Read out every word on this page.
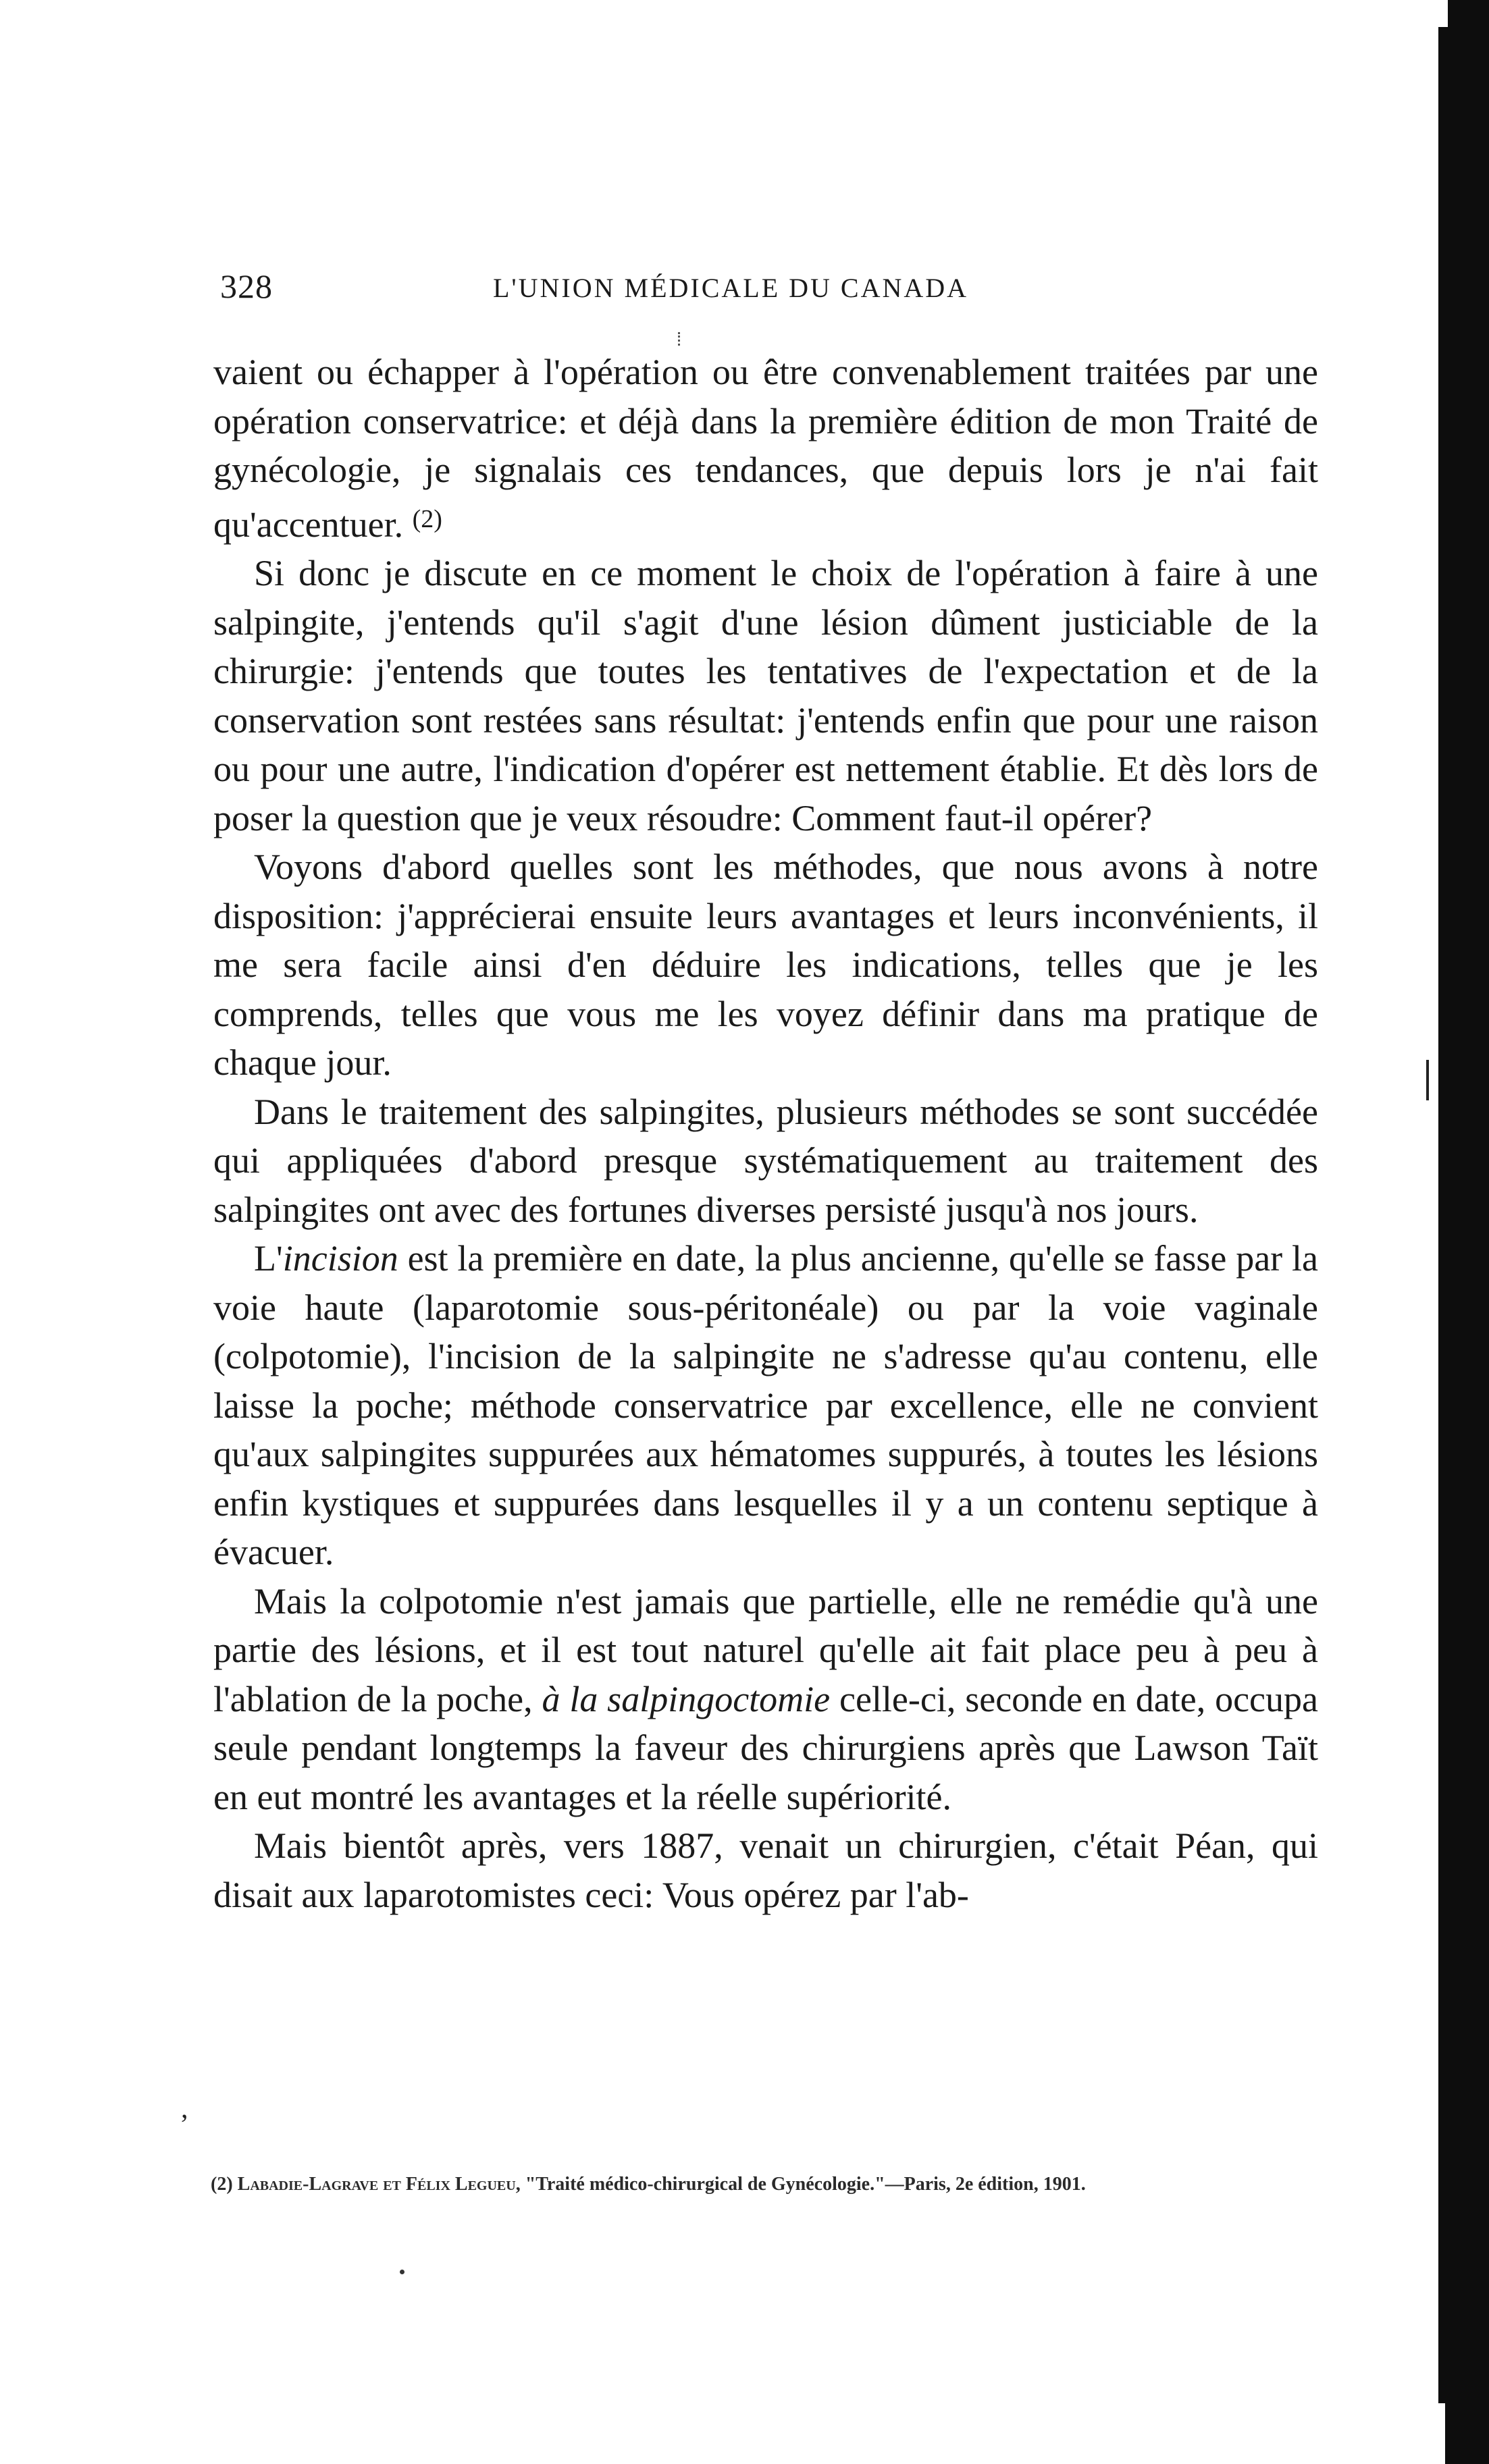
328	L'UNION MÉDICALE DU CANADA

vaient ou échapper à l'opération ou être convenablement traitées par une opération conservatrice: et déjà dans la première édition de mon Traité de gynécologie, je signalais ces tendances, que depuis lors je n'ai fait qu'accentuer. $^{(2)}$

Si donc je discute en ce moment le choix de l'opération à faire à une salpingite, j'entends qu'il s'agit d'une lésion dûment justiciable de la chirurgie: j'entends que toutes les tentatives de l'expectation et de la conservation sont restées sans résultat: j'entends enfin que pour une raison ou pour une autre, l'indication d'opérer est nettement établie. Et dès lors de poser la question que je veux résoudre: Comment faut-il opérer?

Voyons d'abord quelles sont les méthodes, que nous avons à notre disposition: j'apprécierai ensuite leurs avantages et leurs inconvénients, il me sera facile ainsi d'en déduire les indications, telles que je les comprends, telles que vous me les voyez définir dans ma pratique de chaque jour.

Dans le traitement des salpingites, plusieurs méthodes se sont succédée qui appliquées d'abord presque systématiquement au traitement des salpingites ont avec des fortunes diverses persisté jusqu'à nos jours.

L'incision est la première en date, la plus ancienne, qu'elle se fasse par la voie haute (laparotomie sous-péritonéale) ou par la voie vaginale (colpotomie), l'incision de la salpingite ne s'adresse qu'au contenu, elle laisse la poche; méthode conservatrice par excellence, elle ne convient qu'aux salpingites suppurées aux hématomes suppurés, à toutes les lésions enfin kystiques et suppurées dans lesquelles il y a un contenu septique à évacuer.

Mais la colpotomie n'est jamais que partielle, elle ne remédie qu'à une partie des lésions, et il est tout naturel qu'elle ait fait place peu à peu à l'ablation de la poche, à la salpingoctomie celle-ci, seconde en date, occupa seule pendant longtemps la faveur des chirurgiens après que Lawson Taït en eut montré les avantages et la réelle supériorité.

Mais bientôt après, vers 1887, venait un chirurgien, c'était Péan, qui disait aux laparotomistes ceci: Vous opérez par l'ab-

,
(2) Labadie-Lagrave et Félix Legueu, "Traité médico-chirurgical de Gynécologie."—Paris, 2e édition, 1901.
